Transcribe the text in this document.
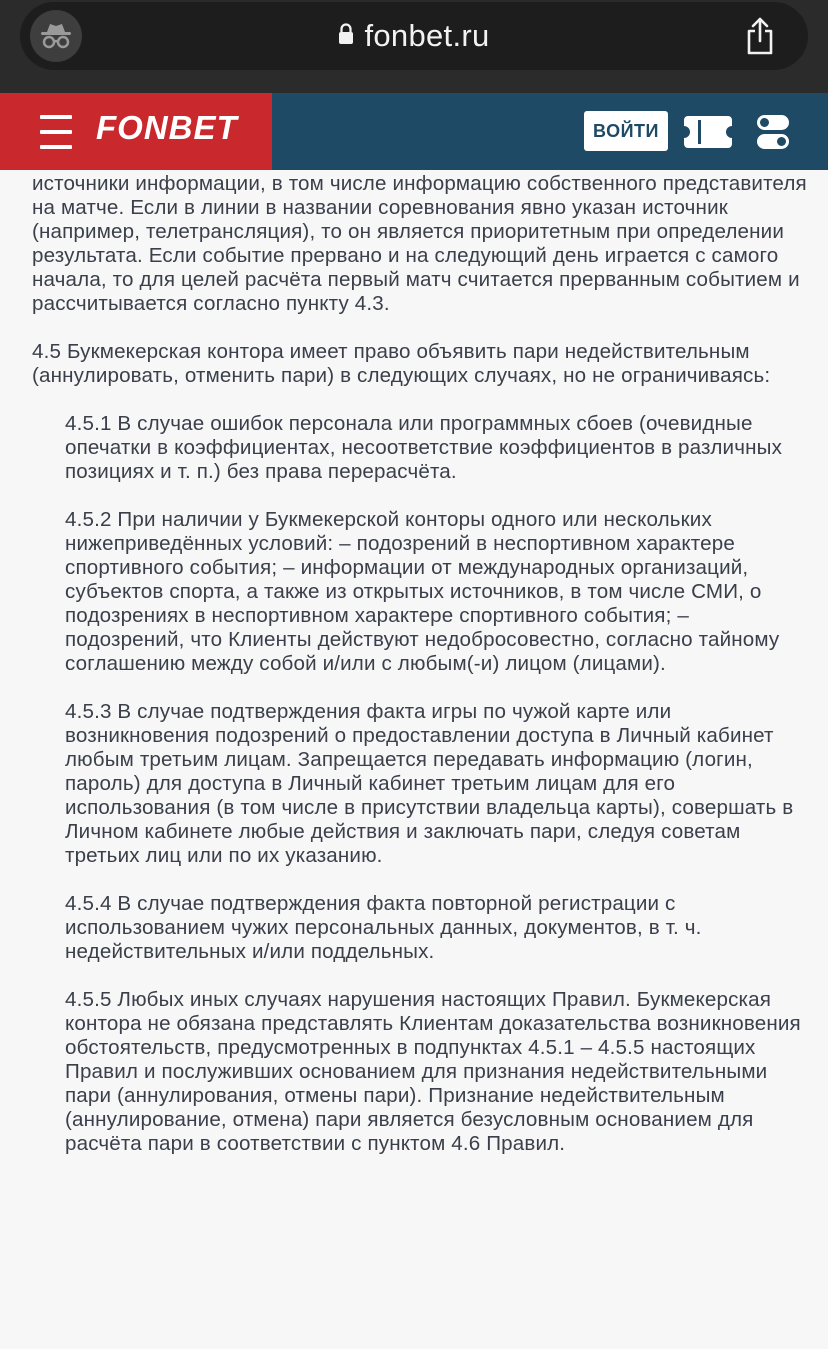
fonbet.ru
FONBET	ВОЙТИ

источники информации, в том числе информацию собственного представителя на матче. Если в линии в названии соревнования явно указан источник (например, телетрансляция), то он является приоритетным при определении результата. Если событие прервано и на следующий день играется с самого начала, то для целей расчёта первый матч считается прерванным событием и рассчитывается согласно пункту 4.3.

4.5 Букмекерская контора имеет право объявить пари недействительным (аннулировать, отменить пари) в следующих случаях, но не ограничиваясь:

4.5.1 В случае ошибок персонала или программных сбоев (очевидные опечатки в коэффициентах, несоответствие коэффициентов в различных позициях и т. п.) без права перерасчёта.

4.5.2 При наличии у Букмекерской конторы одного или нескольких нижеприведённых условий: – подозрений в неспортивном характере спортивного события; – информации от международных организаций, субъектов спорта, а также из открытых источников, в том числе СМИ, о подозрениях в неспортивном характере спортивного события; – подозрений, что Клиенты действуют недобросовестно, согласно тайному соглашению между собой и/или с любым(-и) лицом (лицами).

4.5.3 В случае подтверждения факта игры по чужой карте или возникновения подозрений о предоставлении доступа в Личный кабинет любым третьим лицам. Запрещается передавать информацию (логин, пароль) для доступа в Личный кабинет третьим лицам для его использования (в том числе в присутствии владельца карты), совершать в Личном кабинете любые действия и заключать пари, следуя советам третьих лиц или по их указанию.

4.5.4 В случае подтверждения факта повторной регистрации с использованием чужих персональных данных, документов, в т. ч. недействительных и/или поддельных.

4.5.5 Любых иных случаях нарушения настоящих Правил. Букмекерская контора не обязана представлять Клиентам доказательства возникновения обстоятельств, предусмотренных в подпунктах 4.5.1 – 4.5.5 настоящих Правил и послуживших основанием для признания недействительными пари (аннулирования, отмены пари). Признание недействительным (аннулирование, отмена) пари является безусловным основанием для расчёта пари в соответствии с пунктом 4.6 Правил.
